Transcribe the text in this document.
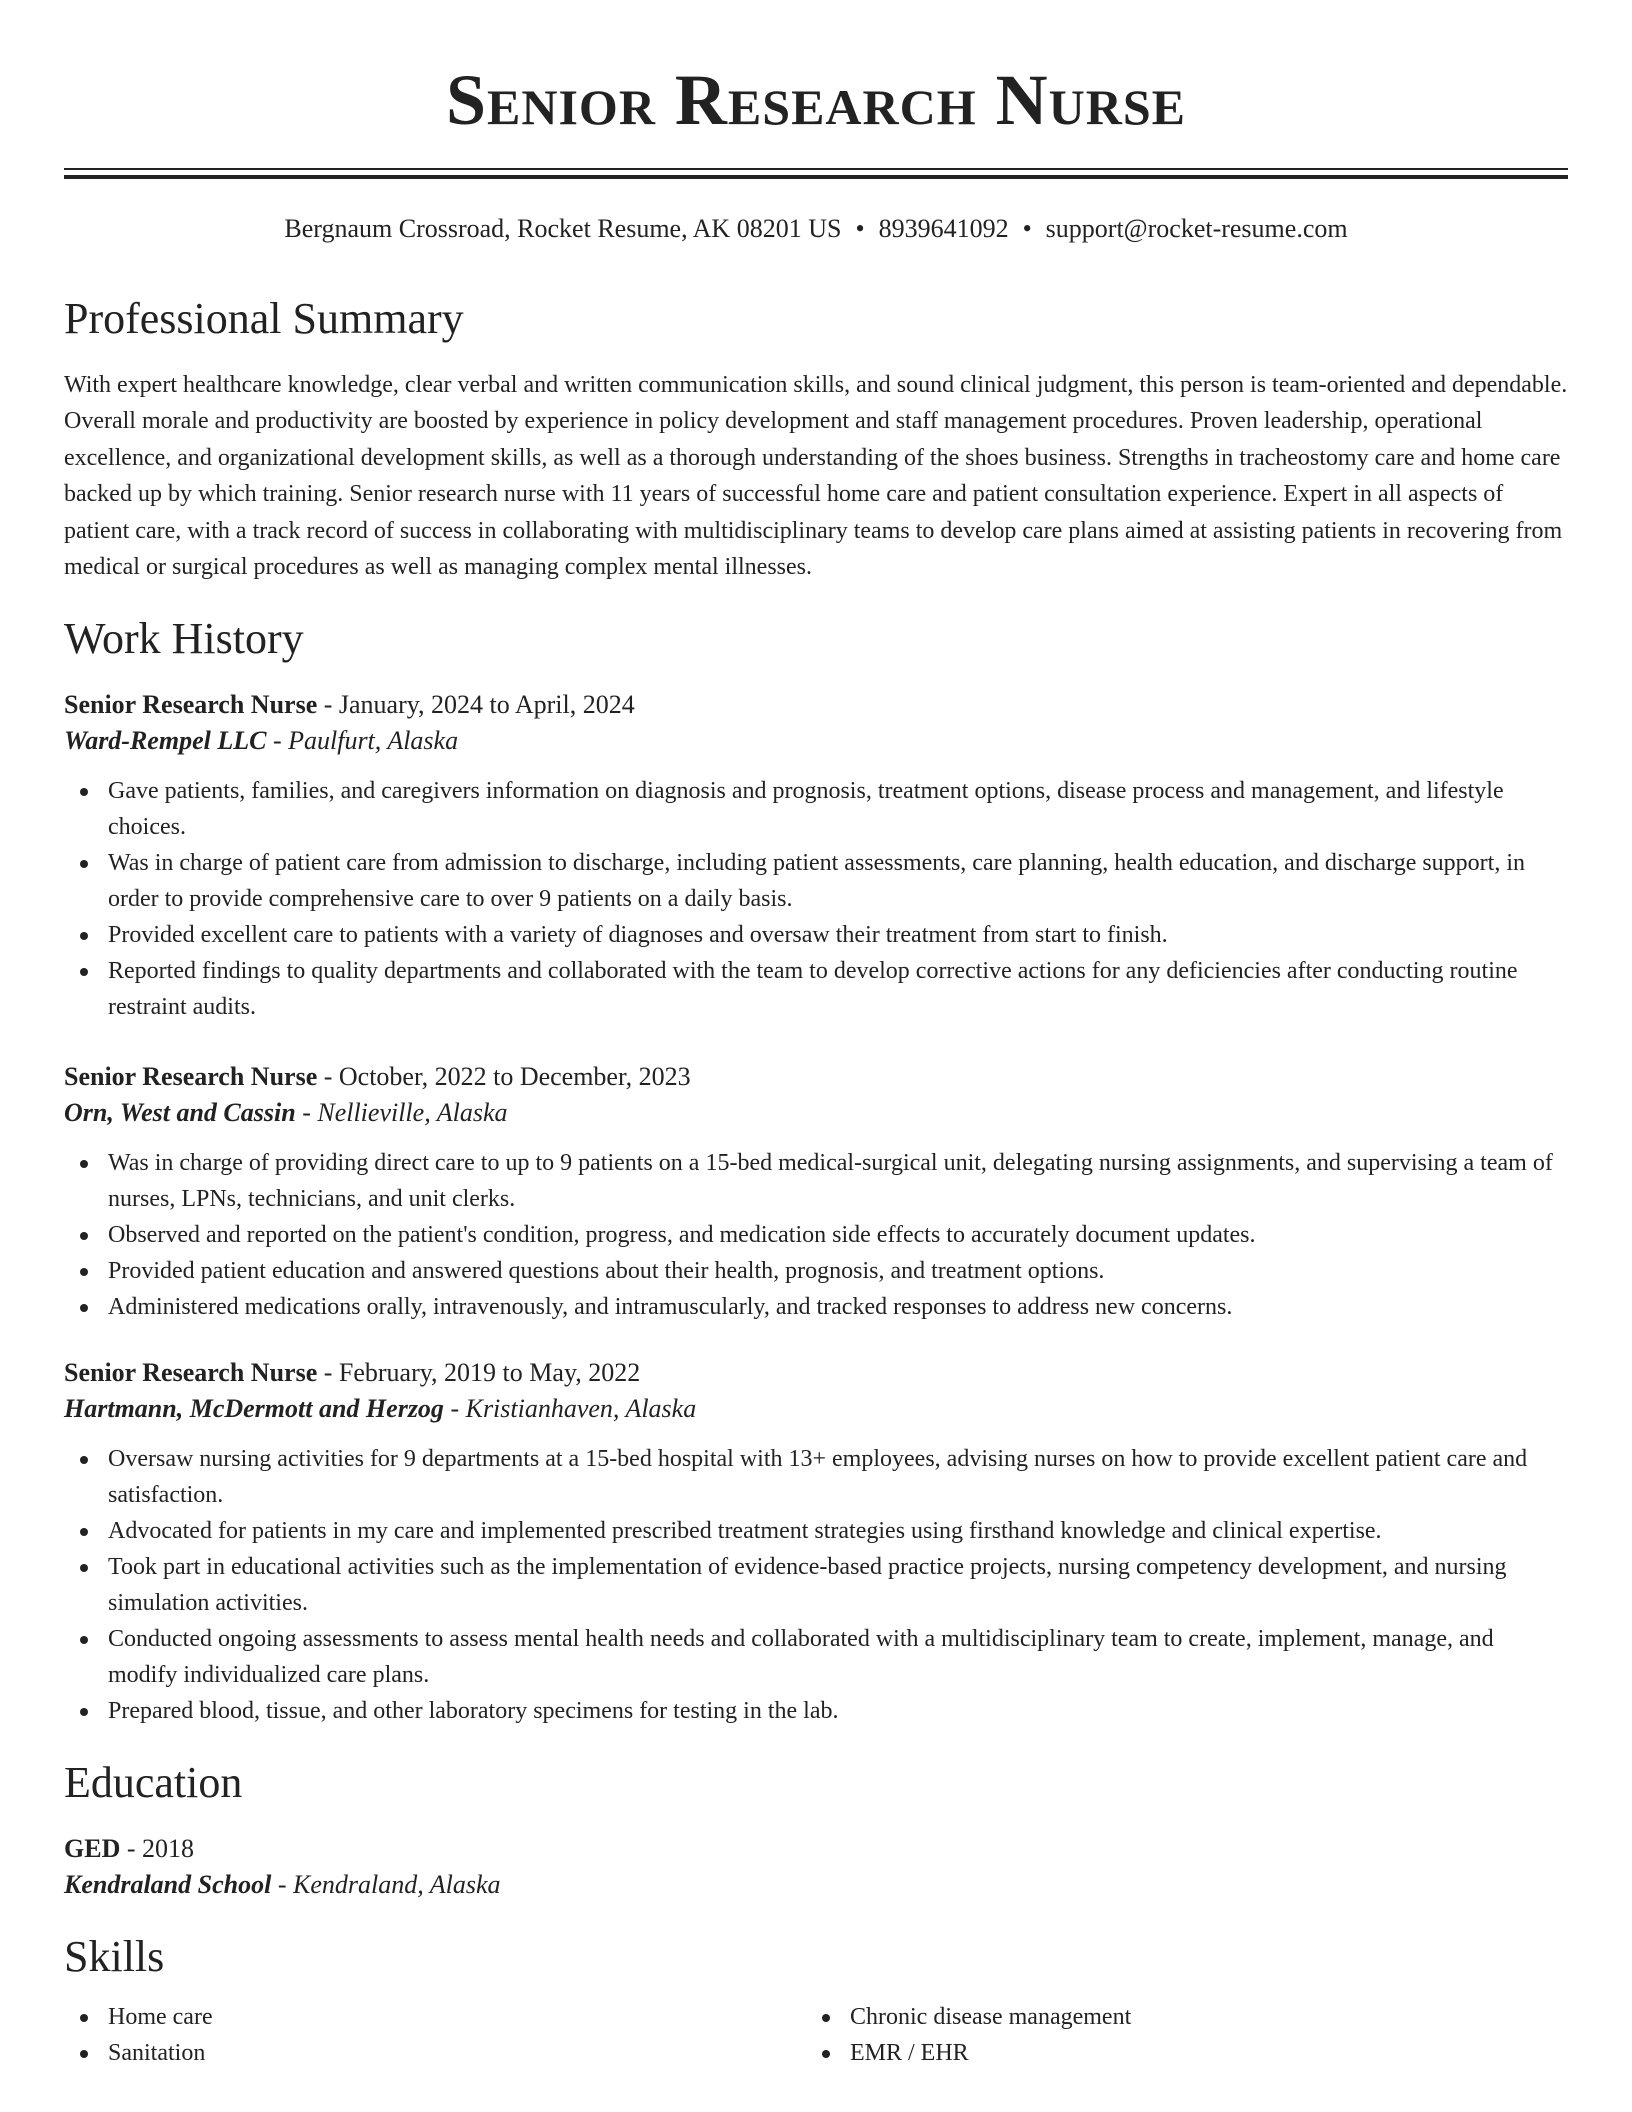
Senior Research Nurse
Bergnaum Crossroad, Rocket Resume, AK 08201 US • 8939641092 • support@rocket-resume.com
Professional Summary

With expert healthcare knowledge, clear verbal and written communication skills, and sound clinical judgment, this person is team-oriented and dependable. Overall morale and productivity are boosted by experience in policy development and staff management procedures. Proven leadership, operational excellence, and organizational development skills, as well as a thorough understanding of the shoes business. Strengths in tracheostomy care and home care backed up by which training. Senior research nurse with 11 years of successful home care and patient consultation experience. Expert in all aspects of patient care, with a track record of success in collaborating with multidisciplinary teams to develop care plans aimed at assisting patients in recovering from medical or surgical procedures as well as managing complex mental illnesses.

Work History
Senior Research Nurse - January, 2024 to April, 2024
Ward-Rempel LLC - Paulfurt, Alaska
Gave patients, families, and caregivers information on diagnosis and prognosis, treatment options, disease process and management, and lifestyle choices.
Was in charge of patient care from admission to discharge, including patient assessments, care planning, health education, and discharge support, in order to provide comprehensive care to over 9 patients on a daily basis.
Provided excellent care to patients with a variety of diagnoses and oversaw their treatment from start to finish.
Reported findings to quality departments and collaborated with the team to develop corrective actions for any deficiencies after conducting routine restraint audits.
Senior Research Nurse - October, 2022 to December, 2023
Orn, West and Cassin - Nellieville, Alaska
Was in charge of providing direct care to up to 9 patients on a 15-bed medical-surgical unit, delegating nursing assignments, and supervising a team of nurses, LPNs, technicians, and unit clerks.
Observed and reported on the patient's condition, progress, and medication side effects to accurately document updates.
Provided patient education and answered questions about their health, prognosis, and treatment options.
Administered medications orally, intravenously, and intramuscularly, and tracked responses to address new concerns.
Senior Research Nurse - February, 2019 to May, 2022
Hartmann, McDermott and Herzog - Kristianhaven, Alaska
Oversaw nursing activities for 9 departments at a 15-bed hospital with 13+ employees, advising nurses on how to provide excellent patient care and satisfaction.
Advocated for patients in my care and implemented prescribed treatment strategies using firsthand knowledge and clinical expertise.
Took part in educational activities such as the implementation of evidence-based practice projects, nursing competency development, and nursing simulation activities.
Conducted ongoing assessments to assess mental health needs and collaborated with a multidisciplinary team to create, implement, manage, and modify individualized care plans.
Prepared blood, tissue, and other laboratory specimens for testing in the lab.
Education
GED - 2018
Kendraland School - Kendraland, Alaska
Skills
Home care
Sanitation
Chronic disease management
EMR / EHR
